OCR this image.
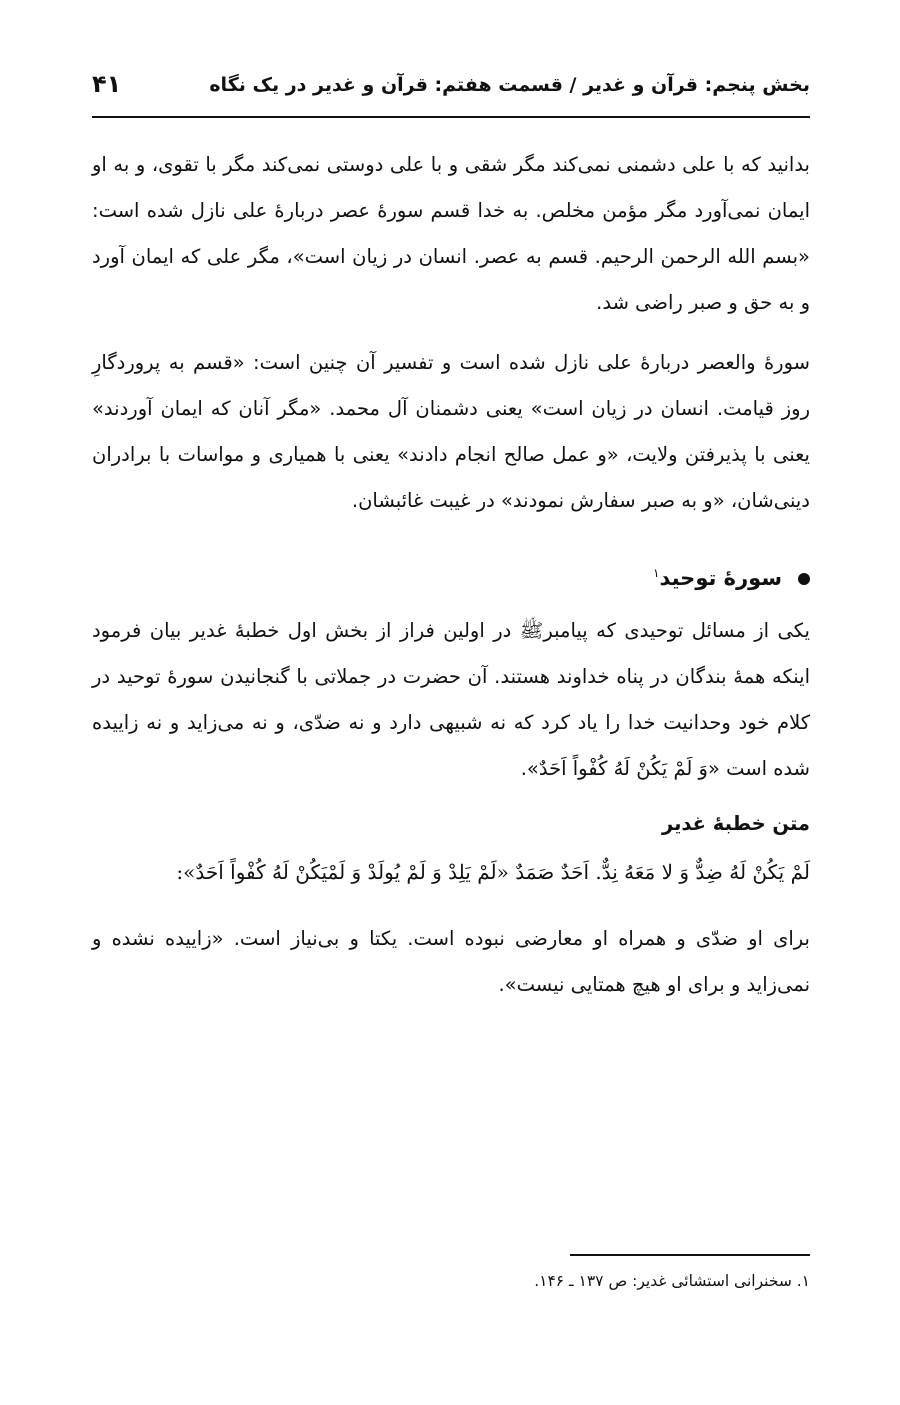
بخش پنجم: قرآن و غدیر / قسمت هفتم: قرآن و غدیر در یک نگاه
۴۱

بدانید که با علی دشمنی نمی‌کند مگر شقی و با علی دوستی نمی‌کند مگر با تقوی، و به او ایمان نمی‌آورد مگر مؤمن مخلص. به خدا قسم سورۀ عصر دربارۀ علی نازل شده است: «بسم الله الرحمن الرحیم. قسم به عصر. انسان در زیان است»، مگر علی که ایمان آورد و به حق و صبر راضی شد.

سورۀ والعصر دربارۀ علی نازل شده است و تفسیر آن چنین است: «قسم به پروردگارِ روز قیامت. انسان در زیان است» یعنی دشمنان آل محمد. «مگر آنان که ایمان آوردند» یعنی با پذیرفتن ولایت، «و عمل صالح انجام دادند» یعنی با همیاری و مواسات با برادران دینی‌شان، «و به صبر سفارش نمودند» در غیبت غائبشان.

سورۀ توحید$^۱$

یکی از مسائل توحیدی که پیامبرﷺ در اولین فراز از بخش اول خطبۀ غدیر بیان فرمود اینکه همۀ بندگان در پناه خداوند هستند. آن حضرت در جملاتی با گنجانیدن سورۀ توحید در کلام خود وحدانیت خدا را یاد کرد که نه شبیهی دارد و نه ضدّی، و نه می‌زاید و نه زاییده شده است «وَ لَمْ یَکُنْ لَهُ کُفْواً اَحَدٌ».

متن خطبۀ غدیر
لَمْ یَکُنْ لَهُ ضِدٌّ وَ لا مَعَهُ نِدٌّ. اَحَدٌ صَمَدٌ «لَمْ یَلِدْ وَ لَمْ یُولَدْ وَ لَمْیَکُنْ لَهُ کُفْواً اَحَدٌ»:

برای او ضدّی و همراه او معارضی نبوده است. یکتا و بی‌نیاز است. «زاییده نشده و نمی‌زاید و برای او هیچ همتایی نیست».

۱. سخنرانی استشائی غدیر: ص ۱۳۷ ـ ۱۴۶.
